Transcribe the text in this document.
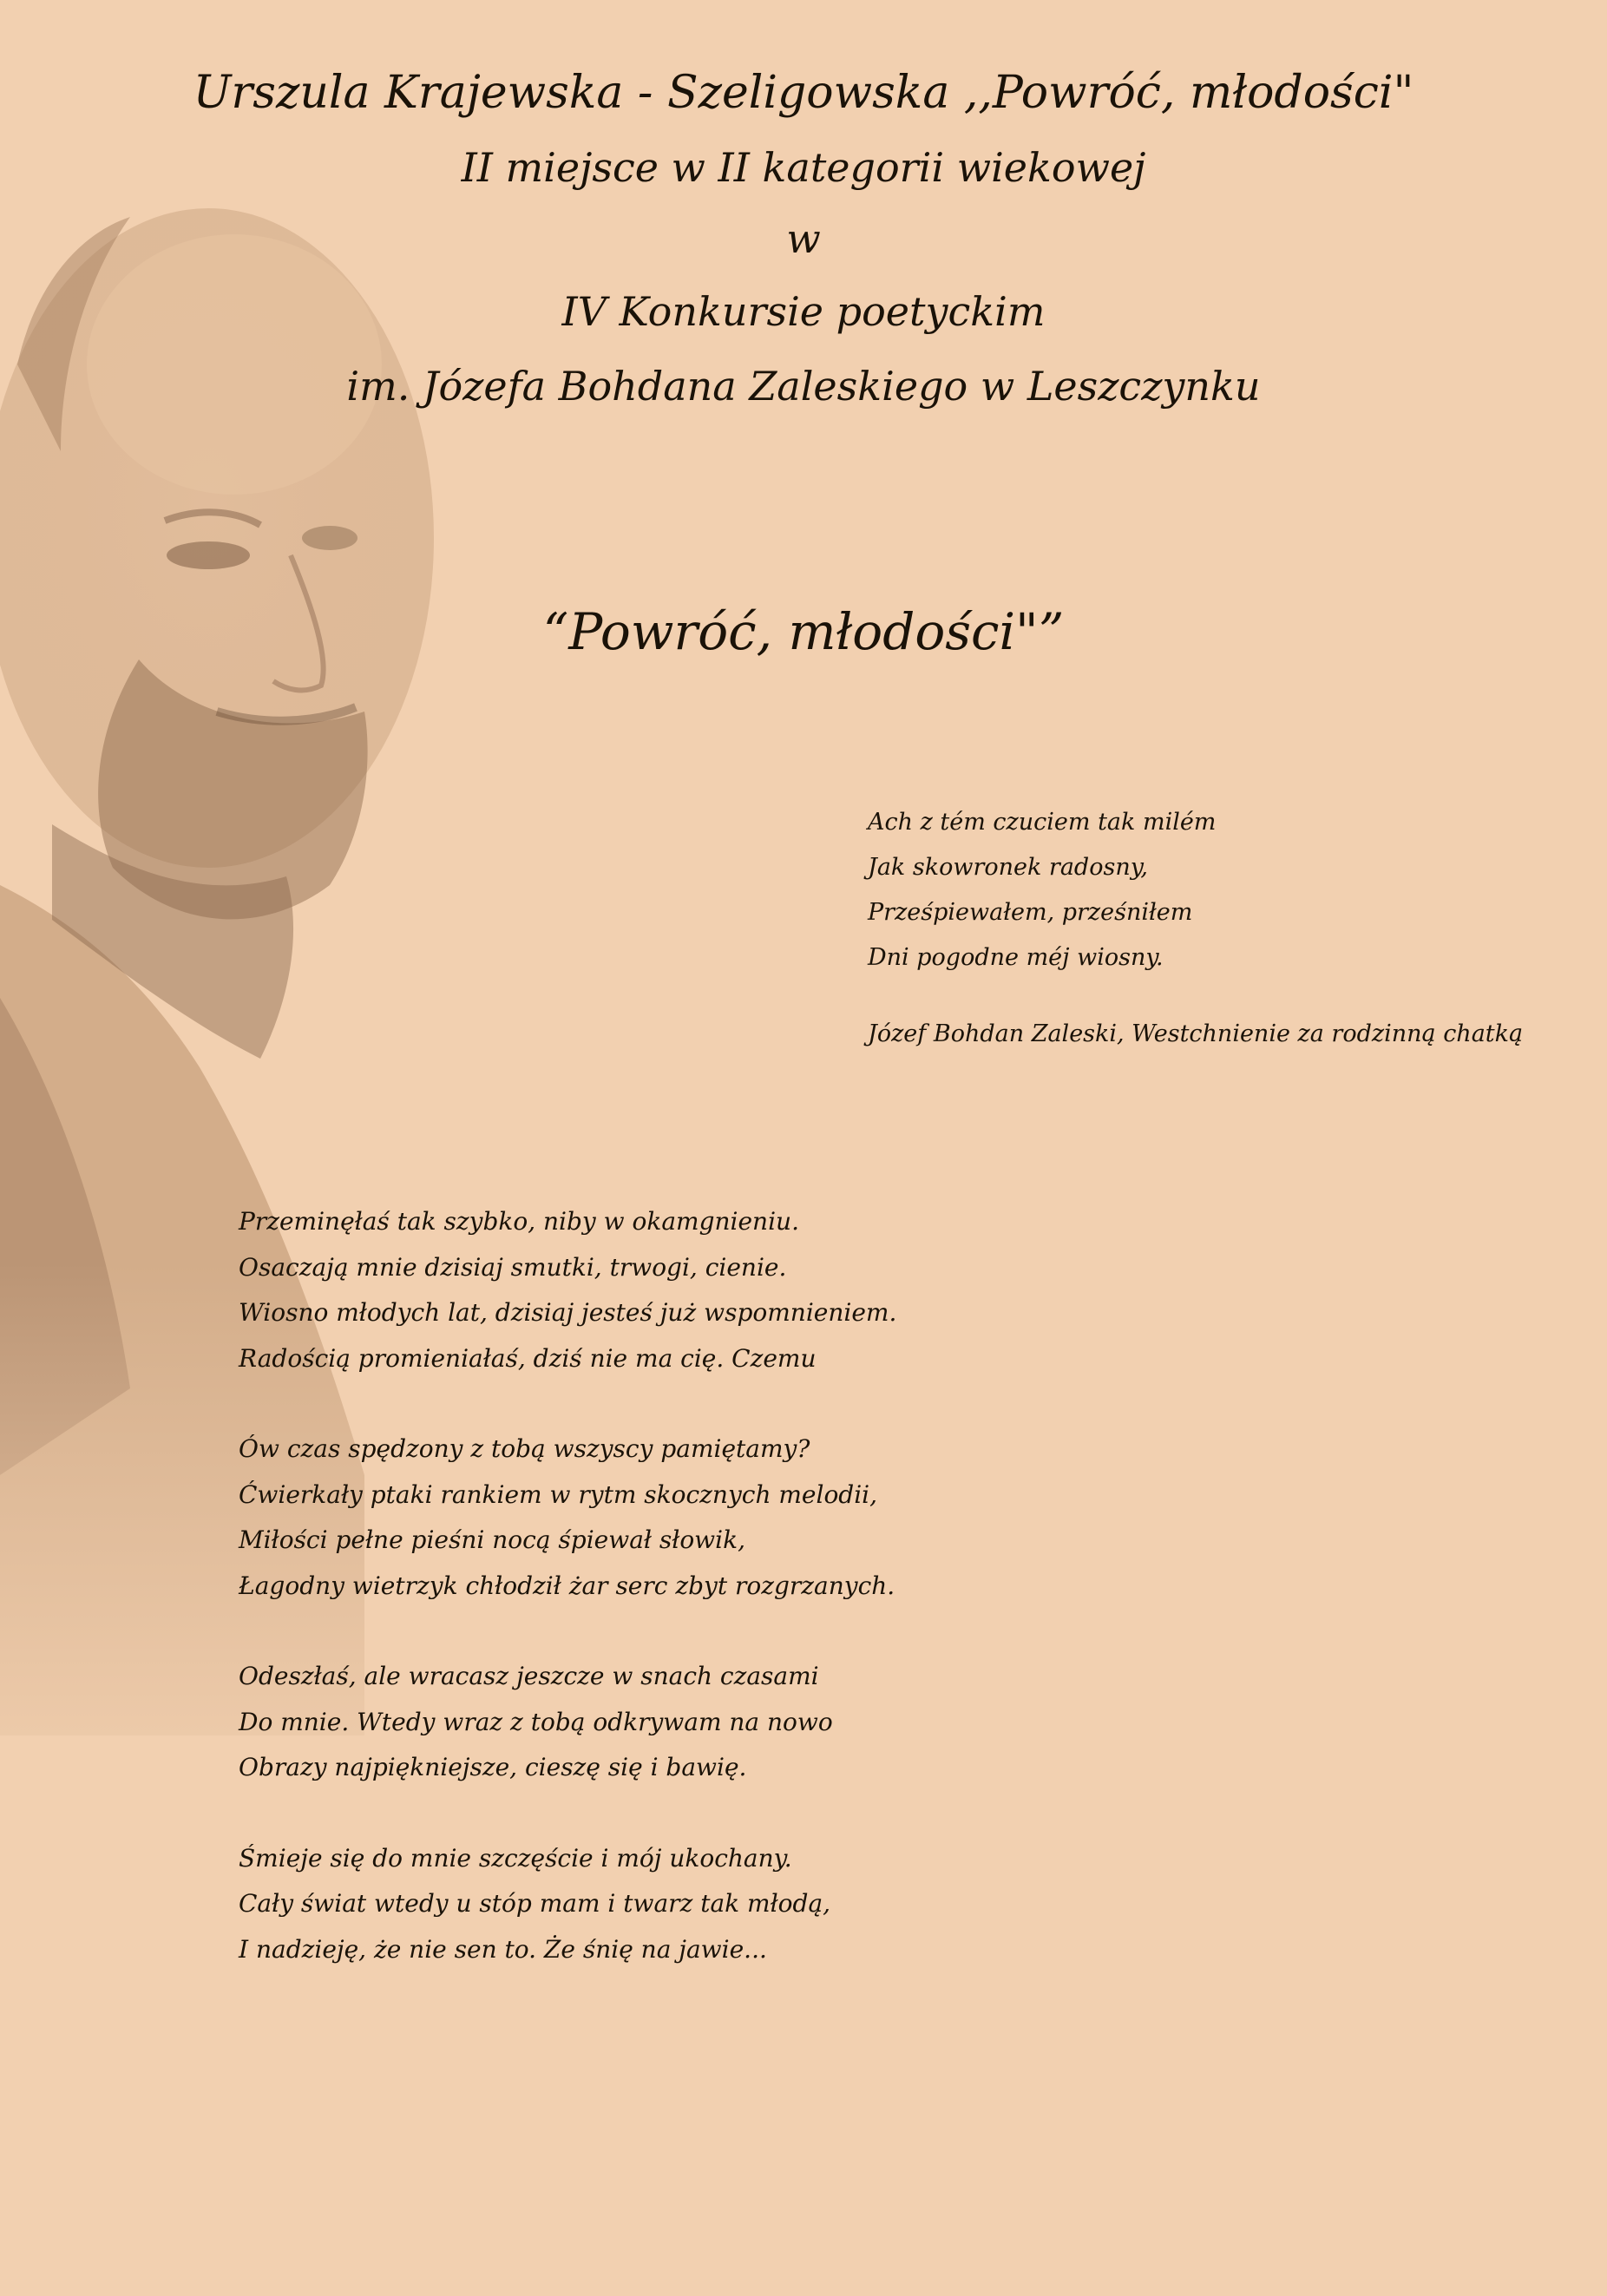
Urszula Krajewska - Szeligowska ,,Powróć, młodości"
II miejsce w II kategorii wiekowej
w
IV Konkursie poetyckim
im. Józefa Bohdana Zaleskiego w Leszczynku
“Powróć, młodości"”
Ach z tém czuciem tak milém
Jak skowronek radosny,
Prześpiewałem, prześniłem
Dni pogodne méj wiosny.
Józef Bohdan Zaleski, Westchnienie za rodzinną chatką
Przeminęłaś tak szybko, niby w okamgnieniu.
Osaczają mnie dzisiaj smutki, trwogi, cienie.
Wiosno młodych lat, dzisiaj jesteś już wspomnieniem.
Radością promieniałaś, dziś nie ma cię. Czemu
Ów czas spędzony z tobą wszyscy pamiętamy?
Ćwierkały ptaki rankiem w rytm skocznych melodii,
Miłości pełne pieśni nocą śpiewał słowik,
Łagodny wietrzyk chłodził żar serc zbyt rozgrzanych.
Odeszłaś, ale wracasz jeszcze w snach czasami
Do mnie. Wtedy wraz z tobą odkrywam na nowo
Obrazy najpiękniejsze, cieszę się i bawię.
Śmieje się do mnie szczęście i mój ukochany.
Cały świat wtedy u stóp mam i twarz tak młodą,
I nadzieję, że nie sen to. Że śnię na jawie...
